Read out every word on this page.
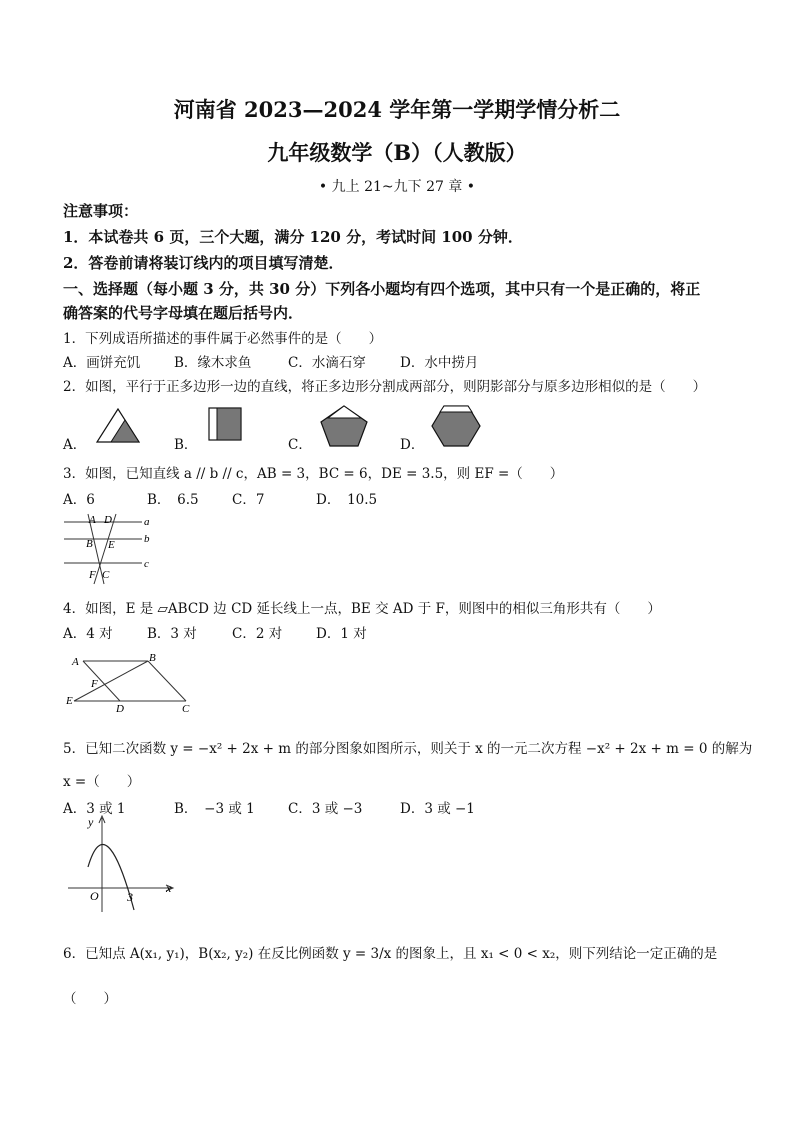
河南省 2023—2024 学年第一学期学情分析二
九年级数学（B）（人教版）
• 九上 21~九下 27 章 •
注意事项：
1．本试卷共 6 页，三个大题，满分 120 分，考试时间 100 分钟．
2．答卷前请将装订线内的项目填写清楚．
一、选择题（每小题 3 分，共 30 分）下列各小题均有四个选项，其中只有一个是正确的，将正
确答案的代号字母填在题后括号内．
1．下列成语所描述的事件属于必然事件的是（　　）
A．画饼充饥	B．缘木求鱼	C．水滴石穿	D．水中捞月
2．如图，平行于正多边形一边的直线，将正多边形分割成两部分，则阴影部分与原多边形相似的是（　　）
A．	B．	C．	D．
3．如图，已知直线 a // b // c，AB = 3，BC = 6，DE = 3.5，则 EF =（　　）
A．6	B．　6.5 C．7	D．　10.5
A D
B E
F C
a
b
c
4．如图，E 是 ▱ABCD 边 CD 延长线上一点，BE 交 AD 于 F，则图中的相似三角形共有（　　）
A．4 对	B．3 对	C．2 对	D．1 对
A	B
F
E
D	C
5．已知二次函数 y = −x² + 2x + m 的部分图象如图所示，则关于 x 的一元二次方程 −x² + 2x + m = 0 的解为
x =（　　）
A．3 或 1	B．　−3 或 1 C．3 或 −3	D．3 或 −1
y
O 3
x
6．已知点 A(x₁, y₁)，B(x₂, y₂) 在反比例函数 y = 3/x 的图象上，且 x₁ < 0 < x₂，则下列结论一定正确的是
（　　）
